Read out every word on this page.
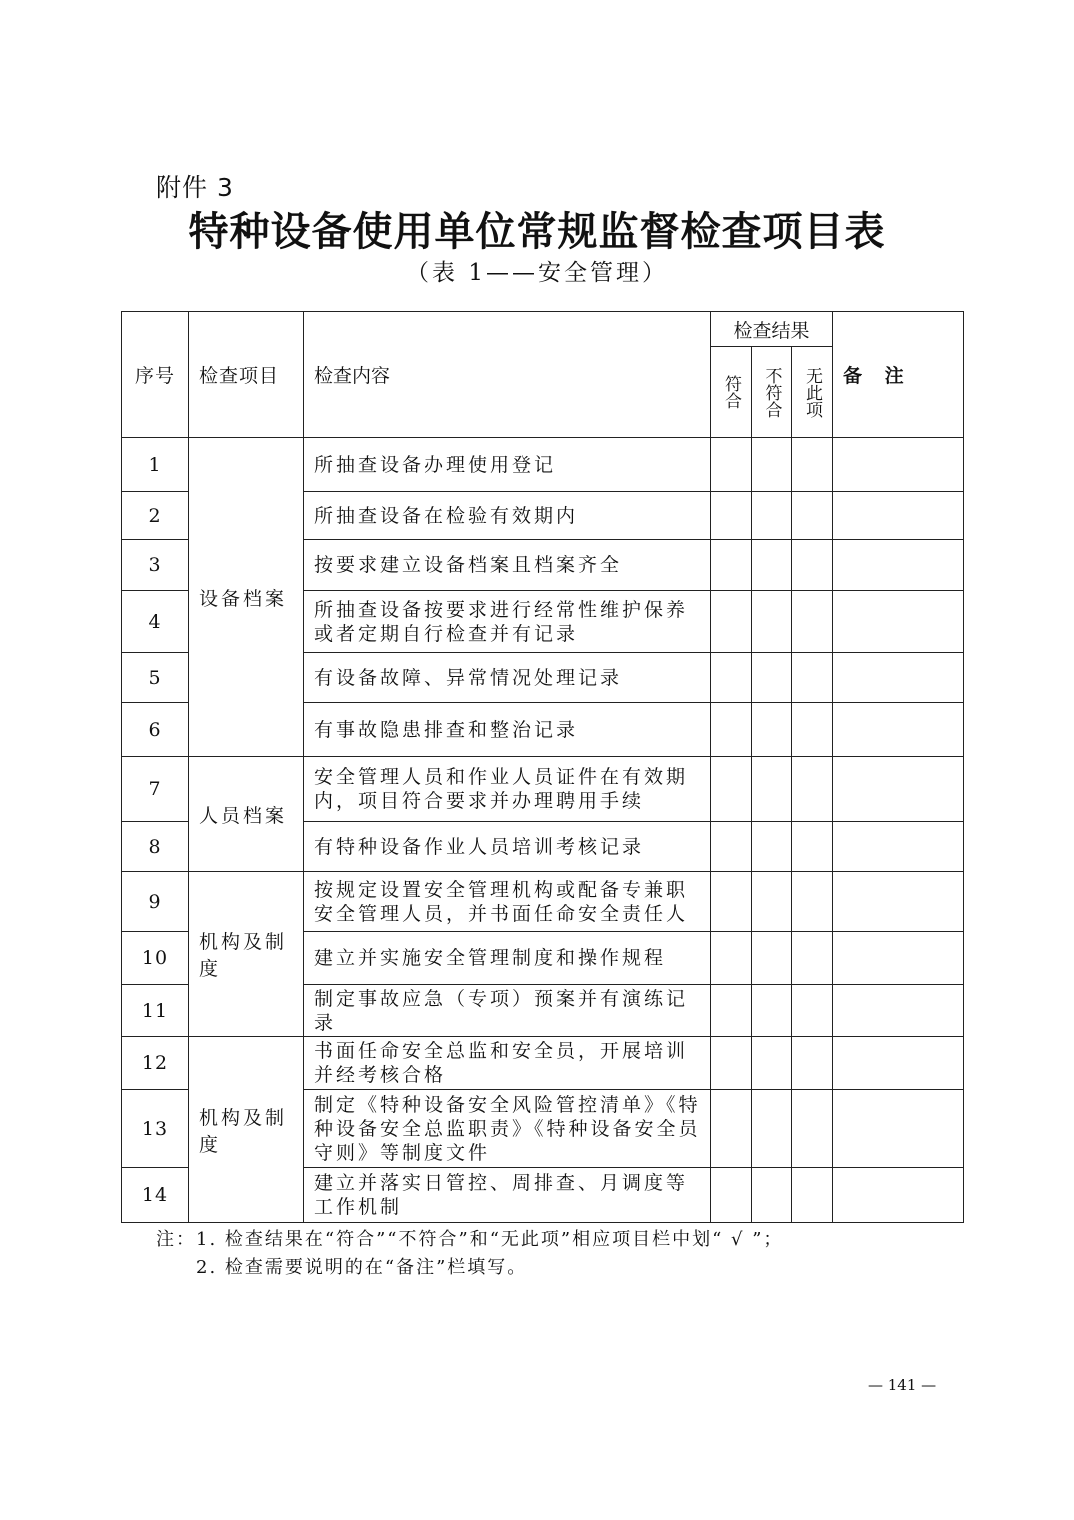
附件 3
特种设备使用单位常规监督检查项目表
（表 1——安全管理）
序号	检查项目	检查内容	检查结果			备 注

			符合	不符合	无此项	

1	设备档案	所抽查设备办理使用登记				
2		所抽查设备在检验有效期内				
3		按要求建立设备档案且档案齐全				
4		所抽查设备按要求进行经常性维护保养或者定期自行检查并有记录				
5		有设备故障、异常情况处理记录				
6		有事故隐患排查和整治记录				
7	人员档案	安全管理人员和作业人员证件在有效期内，项目符合要求并办理聘用手续				
8		有特种设备作业人员培训考核记录				
9	机构及制度	按规定设置安全管理机构或配备专兼职安全管理人员，并书面任命安全责任人				
10		建立并实施安全管理制度和操作规程				
11		制定事故应急（专项）预案并有演练记录				
12	机构及制度	书面任命安全总监和安全员，开展培训并经考核合格				
13		制定《特种设备安全风险管控清单》《特种设备安全总监职责》《特种设备安全员守则》等制度文件				
14		建立并落实日管控、周排查、月调度等工作机制				
注：1. 检查结果在“符合”“不符合”和“无此项”相应项目栏中划“ √ ”；
2. 检查需要说明的在“备注”栏填写。
— 141 —
